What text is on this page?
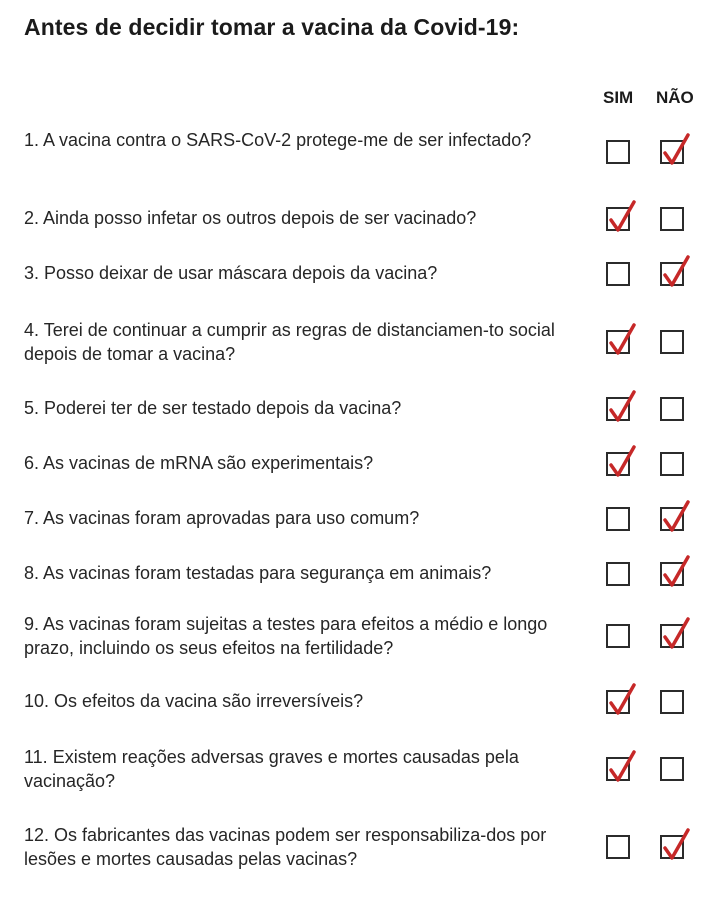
Antes de decidir tomar a vacina da Covid-19:
SIM NÃO
1. A vacina contra o SARS-CoV-2 protege-me de ser infectado?
2. Ainda posso infetar os outros depois de ser vacinado?
3. Posso deixar de usar máscara depois da vacina?
4. Terei de continuar a cumprir as regras de distanciamen-to social depois de tomar a vacina?
5. Poderei ter de ser testado depois da vacina?
6. As vacinas de mRNA são experimentais?
7. As vacinas foram aprovadas para uso comum?
8. As vacinas foram testadas para segurança em animais?
9. As vacinas foram sujeitas a testes para efeitos a médio e longo prazo, incluindo os seus efeitos na fertilidade?
10. Os efeitos da vacina são irreversíveis?
11. Existem reações adversas graves e mortes causadas pela vacinação?
12. Os fabricantes das vacinas podem ser responsabiliza-dos por lesões e mortes causadas pelas vacinas?
